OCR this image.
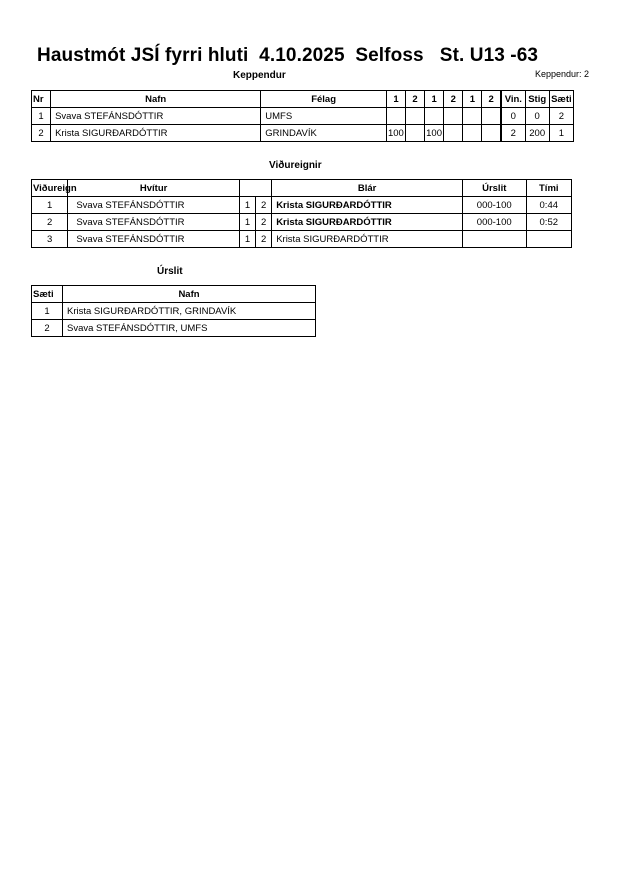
Haustmót JSÍ fyrri hluti  4.10.2025  Selfoss   St. U13 -63
Keppendur: 2
Keppendur
Nr	Nafn	Félag	1	2	1	2	1	2	Vin.	Stig	Sæti
1	Svava STEFÁNSDÓTTIR	UMFS							0	0	2
2	Krista SIGURÐARDÓTTIR	GRINDAVÍK	100		100				2	200	1
Viðureignir
Viðureign	Hvítur			Blár	Úrslit	Tími
1	Svava STEFÁNSDÓTTIR	1	2	Krista SIGURÐARDÓTTIR	000-100	0:44
2	Svava STEFÁNSDÓTTIR	1	2	Krista SIGURÐARDÓTTIR	000-100	0:52
3	Svava STEFÁNSDÓTTIR	1	2	Krista SIGURÐARDÓTTIR		
Úrslit
Sæti	Nafn
1	Krista SIGURÐARDÓTTIR, GRINDAVÍK
2	Svava STEFÁNSDÓTTIR, UMFS
